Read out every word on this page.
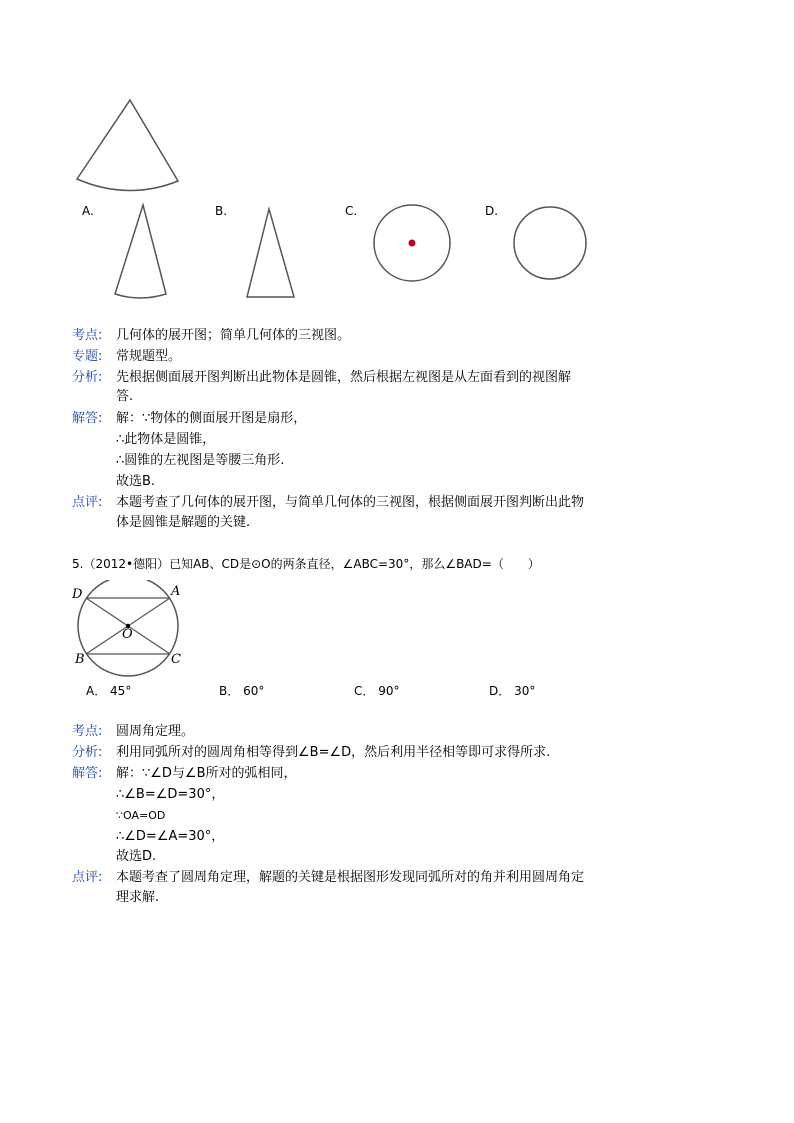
A.	B.	C.	D.
考点: 几何体的展开图；简单几何体的三视图。
专题: 常规题型。
分析: 先根据侧面展开图判断出此物体是圆锥，然后根据左视图是从左面看到的视图解
答.
解答: 解：∵物体的侧面展开图是扇形，
∴此物体是圆锥，
∴圆锥的左视图是等腰三角形.
故选B.
点评: 本题考查了几何体的展开图，与简单几何体的三视图，根据侧面展开图判断出此物
体是圆锥是解题的关键.
5.（2012•德阳）已知AB、CD是⊙O的两条直径，∠ABC=30°，那么∠BAD=（　　）
D	A
O
B	C
A． 45°	B． 60°	C． 90°	D． 30°
考点: 圆周角定理。
分析: 利用同弧所对的圆周角相等得到∠B=∠D，然后利用半径相等即可求得所求.
解答: 解：∵∠D与∠B所对的弧相同，
∴∠B=∠D=30°，
∵OA=OD
∴∠D=∠A=30°，
故选D.
点评: 本题考查了圆周角定理，解题的关键是根据图形发现同弧所对的角并利用圆周角定
理求解.
